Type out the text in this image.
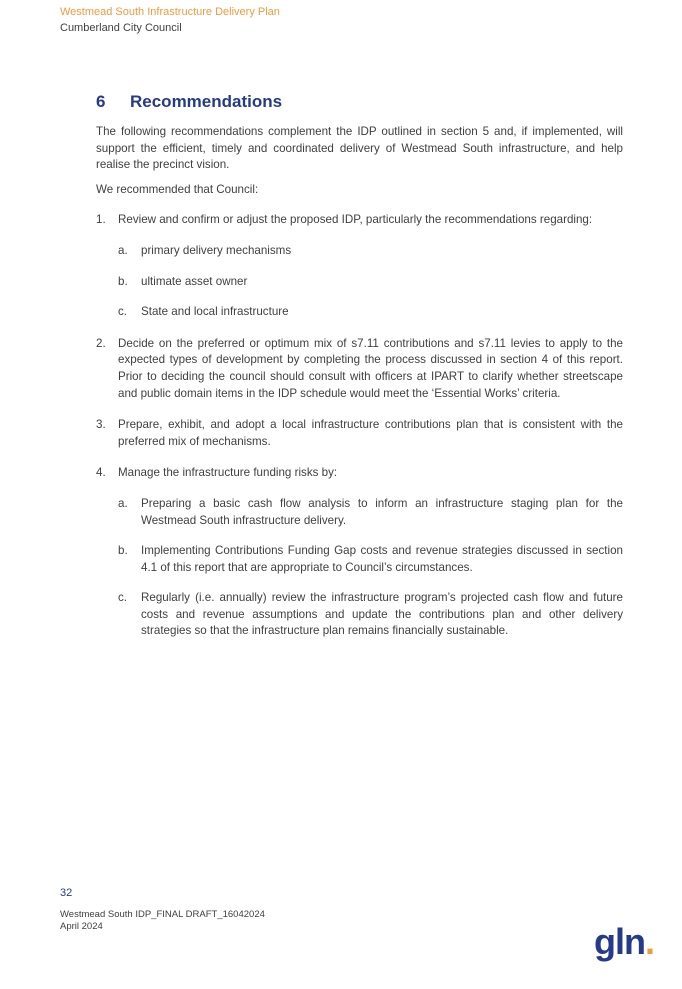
Westmead South Infrastructure Delivery Plan
Cumberland City Council
6	Recommendations

The following recommendations complement the IDP outlined in section 5 and, if implemented, will support the efficient, timely and coordinated delivery of Westmead South infrastructure, and help realise the precinct vision.

We recommended that Council:

1.	Review and confirm or adjust the proposed IDP, particularly the recommendations regarding:
a.	primary delivery mechanisms
b.	ultimate asset owner
c.	State and local infrastructure
2.	Decide on the preferred or optimum mix of s7.11 contributions and s7.11 levies to apply to the expected types of development by completing the process discussed in section 4 of this report. Prior to deciding the council should consult with officers at IPART to clarify whether streetscape and public domain items in the IDP schedule would meet the ‘Essential Works’ criteria.
3.	Prepare, exhibit, and adopt a local infrastructure contributions plan that is consistent with the preferred mix of mechanisms.
4.	Manage the infrastructure funding risks by:
a.	Preparing a basic cash flow analysis to inform an infrastructure staging plan for the Westmead South infrastructure delivery.
b.	Implementing Contributions Funding Gap costs and revenue strategies discussed in section 4.1 of this report that are appropriate to Council’s circumstances.
c.	Regularly (i.e. annually) review the infrastructure program’s projected cash flow and future costs and revenue assumptions and update the contributions plan and other delivery strategies so that the infrastructure plan remains financially sustainable.
32
Westmead South IDP_FINAL DRAFT_16042024
April 2024	gln.
